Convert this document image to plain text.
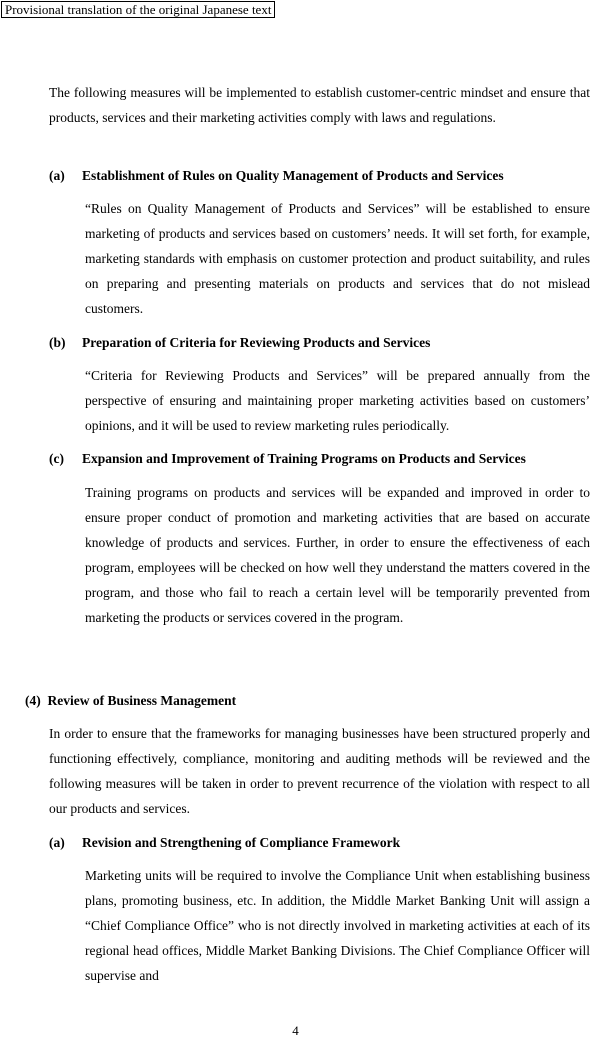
Provisional translation of the original Japanese text
The following measures will be implemented to establish customer-centric mindset and ensure that products, services and their marketing activities comply with laws and regulations.
(a) Establishment of Rules on Quality Management of Products and Services
“Rules on Quality Management of Products and Services” will be established to ensure marketing of products and services based on customers’ needs. It will set forth, for example, marketing standards with emphasis on customer protection and product suitability, and rules on preparing and presenting materials on products and services that do not mislead customers.
(b) Preparation of Criteria for Reviewing Products and Services
“Criteria for Reviewing Products and Services” will be prepared annually from the perspective of ensuring and maintaining proper marketing activities based on customers’ opinions, and it will be used to review marketing rules periodically.
(c) Expansion and Improvement of Training Programs on Products and Services
Training programs on products and services will be expanded and improved in order to ensure proper conduct of promotion and marketing activities that are based on accurate knowledge of products and services. Further, in order to ensure the effectiveness of each program, employees will be checked on how well they understand the matters covered in the program, and those who fail to reach a certain level will be temporarily prevented from marketing the products or services covered in the program.
(4)  Review of Business Management
In order to ensure that the frameworks for managing businesses have been structured properly and functioning effectively, compliance, monitoring and auditing methods will be reviewed and the following measures will be taken in order to prevent recurrence of the violation with respect to all our products and services.
(a) Revision and Strengthening of Compliance Framework
Marketing units will be required to involve the Compliance Unit when establishing business plans, promoting business, etc. In addition, the Middle Market Banking Unit will assign a “Chief Compliance Office” who is not directly involved in marketing activities at each of its regional head offices, Middle Market Banking Divisions. The Chief Compliance Officer will supervise and
4
